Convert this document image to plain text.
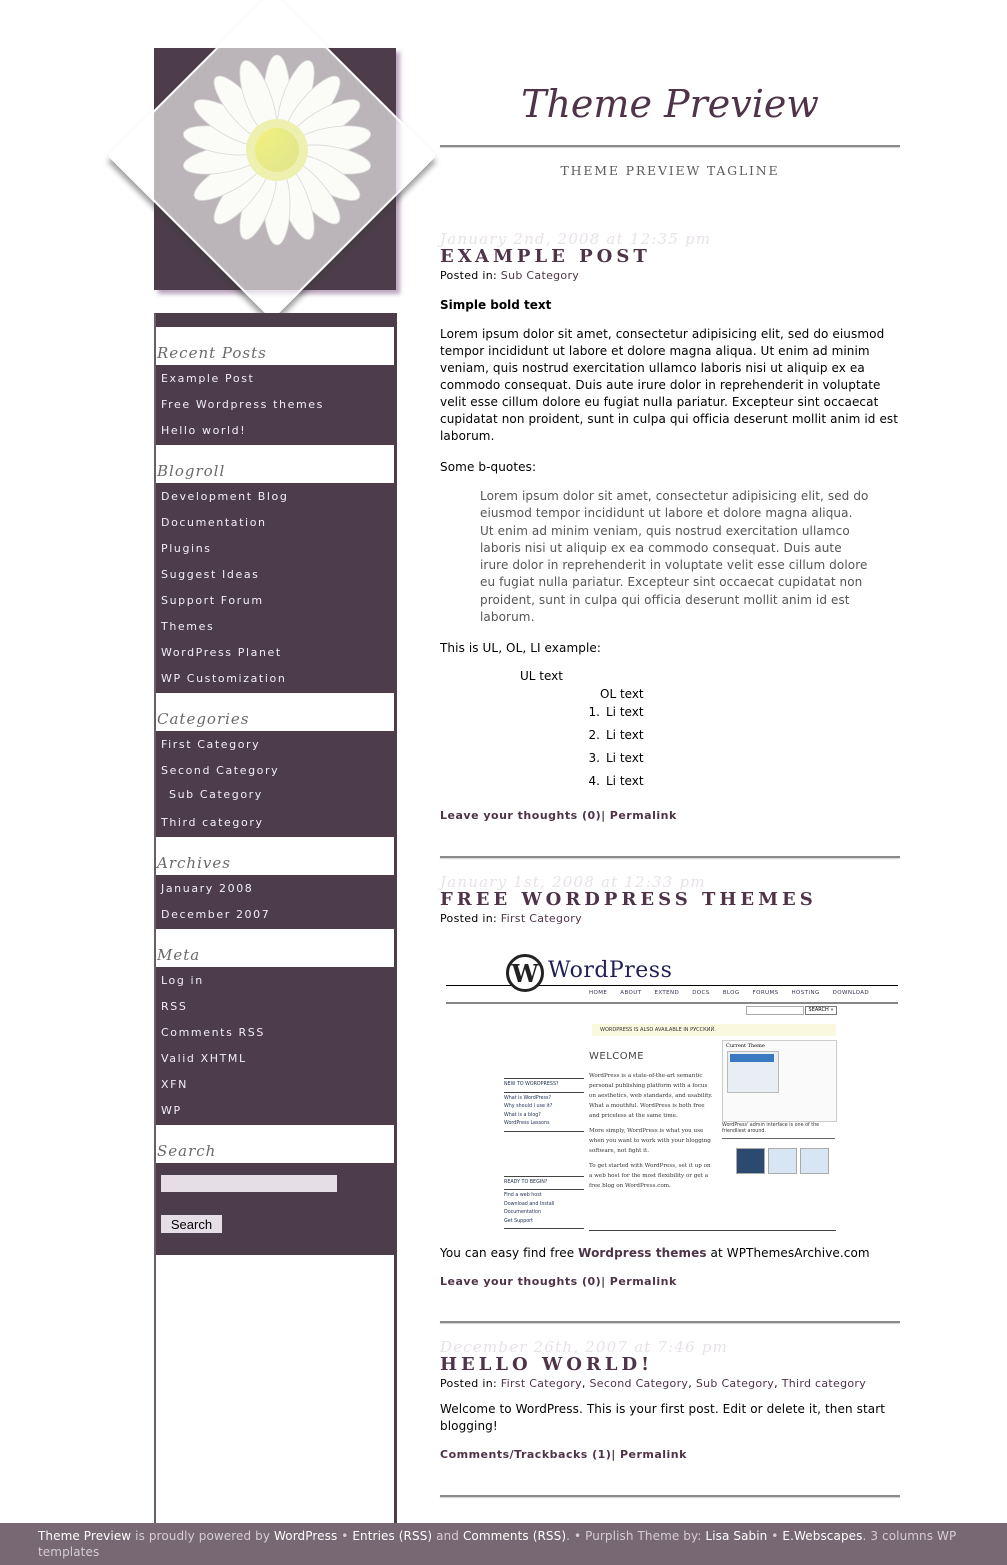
Theme Preview
THEME PREVIEW TAGLINE
Recent Posts
Example Post
Free Wordpress themes
Hello world!
Blogroll
Development Blog
Documentation
Plugins
Suggest Ideas
Support Forum
Themes
WordPress Planet
WP Customization
Categories
First Category
Second Category
Sub Category
Third category
Archives
January 2008
December 2007
Meta
Log in
RSS
Comments RSS
Valid XHTML
XFN
WP
Search
Search
January 2nd, 2008 at 12:35 pm
EXAMPLE POST
Posted in: Sub Category
Simple bold text
Lorem ipsum dolor sit amet, consectetur adipisicing elit, sed do eiusmod tempor incididunt ut labore et dolore magna aliqua. Ut enim ad minim veniam, quis nostrud exercitation ullamco laboris nisi ut aliquip ex ea commodo consequat. Duis aute irure dolor in reprehenderit in voluptate velit esse cillum dolore eu fugiat nulla pariatur. Excepteur sint occaecat cupidatat non proident, sunt in culpa qui officia deserunt mollit anim id est laborum.
Some b-quotes:
Lorem ipsum dolor sit amet, consectetur adipisicing elit, sed do eiusmod tempor incididunt ut labore et dolore magna aliqua. Ut enim ad minim veniam, quis nostrud exercitation ullamco laboris nisi ut aliquip ex ea commodo consequat. Duis aute irure dolor in reprehenderit in voluptate velit esse cillum dolore eu fugiat nulla pariatur. Excepteur sint occaecat cupidatat non proident, sunt in culpa qui officia deserunt mollit anim id est laborum.
This is UL, OL, LI example:
UL text
OL text
1. Li text
2. Li text
3. Li text
4. Li text
Leave your thoughts (0)| Permalink
January 1st, 2008 at 12:33 pm
FREE WORDPRESS THEMES
Posted in: First Category
W WordPress
HOME ABOUT EXTEND DOCS BLOG FORUMS HOSTING DOWNLOAD
SEARCH »
WORDPRESS IS ALSO AVAILABLE IN РУССКИЙ.
WELCOME
WordPress is a state-of-the-art semantic personal publishing platform with a focus on aesthetics, web standards, and usability. What a mouthful. WordPress is both free and priceless at the same time.
More simply, WordPress is what you use when you want to work with your blogging software, not fight it.
To get started with WordPress, set it up on a web host for the most flexibility or get a free blog on WordPress.com.
NEW TO WORDPRESS?
What is WordPress?
Why should I use it?
What is a blog?
WordPress Lessons
READY TO BEGIN?
Find a web host
Download and Install
Documentation
Get Support
Current Theme
WordPress' admin interface is one of the friendliest around.
You can easy find free Wordpress themes at WPThemesArchive.com
Leave your thoughts (0)| Permalink
December 26th, 2007 at 7:46 pm
HELLO WORLD!
Posted in: First Category, Second Category, Sub Category, Third category
Welcome to WordPress. This is your first post. Edit or delete it, then start blogging!
Comments/Trackbacks (1)| Permalink
Theme Preview is proudly powered by WordPress • Entries (RSS) and Comments (RSS). • Purplish Theme by: Lisa Sabin • E.Webscapes. 3 columns WP templates
